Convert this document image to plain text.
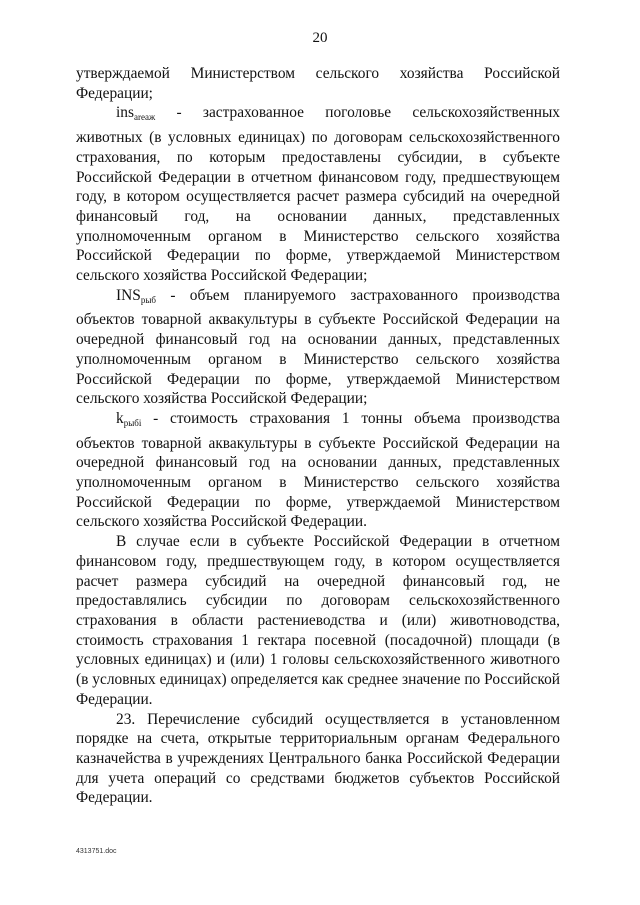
20

утверждаемой Министерством сельского хозяйства Российской Федерации;

ins$_{areaж}$ - застрахованное поголовье сельскохозяйственных животных (в условных единицах) по договорам сельскохозяйственного страхования, по которым предоставлены субсидии, в субъекте Российской Федерации в отчетном финансовом году, предшествующем году, в котором осуществляется расчет размера субсидий на очередной финансовый год, на основании данных, представленных уполномоченным органом в Министерство сельского хозяйства Российской Федерации по форме, утверждаемой Министерством сельского хозяйства Российской Федерации;

$INS_{рыб}$ - объем планируемого застрахованного производства объектов товарной аквакультуры в субъекте Российской Федерации на очередной финансовый год на основании данных, представленных уполномоченным органом в Министерство сельского хозяйства Российской Федерации по форме, утверждаемой Министерством сельского хозяйства Российской Федерации;

$k_{рыбi}$ - стоимость страхования 1 тонны объема производства объектов товарной аквакультуры в субъекте Российской Федерации на очередной финансовый год на основании данных, представленных уполномоченным органом в Министерство сельского хозяйства Российской Федерации по форме, утверждаемой Министерством сельского хозяйства Российской Федерации.

В случае если в субъекте Российской Федерации в отчетном финансовом году, предшествующем году, в котором осуществляется расчет размера субсидий на очередной финансовый год, не предоставлялись субсидии по договорам сельскохозяйственного страхования в области растениеводства и (или) животноводства, стоимость страхования 1 гектара посевной (посадочной) площади (в условных единицах) и (или) 1 головы сельскохозяйственного животного (в условных единицах) определяется как среднее значение по Российской Федерации.

23. Перечисление субсидий осуществляется в установленном порядке на счета, открытые территориальным органам Федерального казначейства в учреждениях Центрального банка Российской Федерации для учета операций со средствами бюджетов субъектов Российской Федерации.

4313751.doc
